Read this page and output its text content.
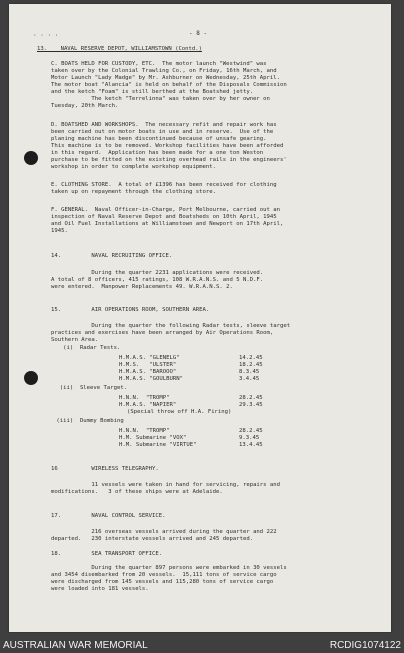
- 8 -
· · · ·
13.    NAVAL RESERVE DEPOT, WILLIAMSTOWN (Contd.)
C. BOATS HELD FOR CUSTODY, ETC.  The motor launch "Westwind" was
taken over by the Colonial Trawling Co., on Friday, 16th March, and
Motor Launch "Lady Madge" by Mr. Ashburner on Wednesday, 25th April.
The motor boat "Alancia" is held on behalf of the Disposals Commission
and the ketch "Foam" is still berthed at the Boatshed jetty.
The ketch "Terrelinna" was taken over by her owner on
Tuesday, 20th March.
D. BOATSHED AND WORKSHOPS.  The necessary refit and repair work has
been carried out on motor boats in use and in reserve.  Use of the
planing machine has been discontinued because of unsafe gearing.
This machine is to be removed. Workshop facilities have been afforded
in this regard.  Application has been made for a one ton Weston
purchase to be fitted on the existing overhead rails in the engineers'
workshop in order to complete workshop equipment.
E. CLOTHING STORE.  A total of £1396 has been received for clothing
taken up on repayment through the clothing store.
F. GENERAL.  Naval Officer-in-Charge, Port Melbourne, carried out an
inspection of Naval Reserve Depot and Boatsheds on 10th April, 1945
and Oil Fuel Installations at Williamstown and Newport on 17th April,
1945.
14.         NAVAL RECRUITING OFFICE.
During the quarter 2231 applications were received.
A total of 8 officers, 415 ratings, 108 W.R.A.N.S. and 5 N.D.F.
were entered.  Manpower Replacements 49. W.R.A.N.S. 2.
15.         AIR OPERATIONS ROOM, SOUTHERN AREA.
During the quarter the following Radar tests, sleeve target
practices and exercises have been arranged by Air Operations Room,
Southern Area.
(i)  Radar Tests.
H.M.A.S. "GLENELG"	14.2.45
H.M.S.   "ULSTER"	18.2.45
H.M.A.S. "BAROOO"	8.3.45
H.M.A.S. "GOULBURN"	3.4.45
(ii)  Sleeve Target.
H.N.N.  "TROMP"	28.2.45
H.M.A.S. "NAPIER"	29.3.45
(Special throw off H.A. Firing)
(iii)  Dummy Bombing
H.N.N.  "TROMP"	28.2.45
H.M. Submarine "VOX"	9.3.45
H.M. Submarine "VIRTUE"	13.4.45
16          WIRELESS TELEGRAPHY.
11 vessels were taken in hand for servicing, repairs and
modifications.   3 of these ships were at Adelaide.
17.         NAVAL CONTROL SERVICE.
216 overseas vessels arrived during the quarter and 222
departed.   230 interstate vessels arrived and 245 departed.
18.         SEA TRANSPORT OFFICE.
During the quarter 897 persons were embarked in 30 vessels
and 3454 disembarked from 20 vessels.  15,111 tons of service cargo
were discharged from 145 vessels and 115,280 tons of service cargo
were loaded into 181 vessels.
AUSTRALIAN WAR MEMORIAL	RCDIG1074122
